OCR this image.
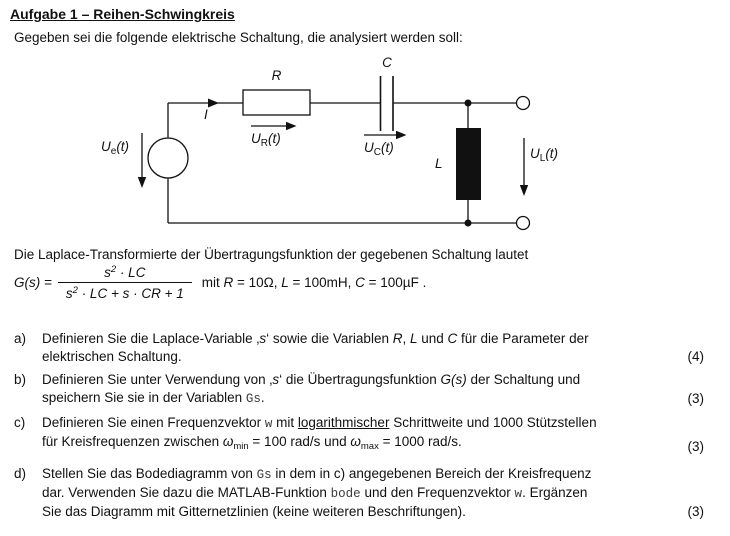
Aufgabe 1 – Reihen-Schwingkreis
Gegeben sei die folgende elektrische Schaltung, die analysiert werden soll:
$U_e(t)$
I
R
$U_R(t)$
C
$U_C(t)$
L
$U_L(t)$
Die Laplace-Transformierte der Übertragungsfunktion der gegebenen Schaltung lautet
$G(s) = \frac{s^2 \cdot LC}{s^2 \cdot LC + s \cdot CR + 1}$ mit R = 10Ω, L = 100mH, C = 100µF .
a)	Definieren Sie die Laplace-Variable ‚s‘ sowie die Variablen R, L und C für die Parameter der
elektrischen Schaltung.	(4)
b)	Definieren Sie unter Verwendung von ‚s‘ die Übertragungsfunktion G(s) der Schaltung und
speichern Sie sie in der Variablen Gs.	(3)
c)	Definieren Sie einen Frequenzvektor w mit logarithmischer Schrittweite und 1000 Stützstellen
für Kreisfrequenzen zwischen $\omega_{min} = 100$ rad/s und $\omega_{max} = 1000$ rad/s.	(3)
d)	Stellen Sie das Bodediagramm von Gs in dem in c) angegebenen Bereich der Kreisfrequenz
dar. Verwenden Sie dazu die MATLAB-Funktion bode und den Frequenzvektor w. Ergänzen
Sie das Diagramm mit Gitternetzlinien (keine weiteren Beschriftungen).	(3)
